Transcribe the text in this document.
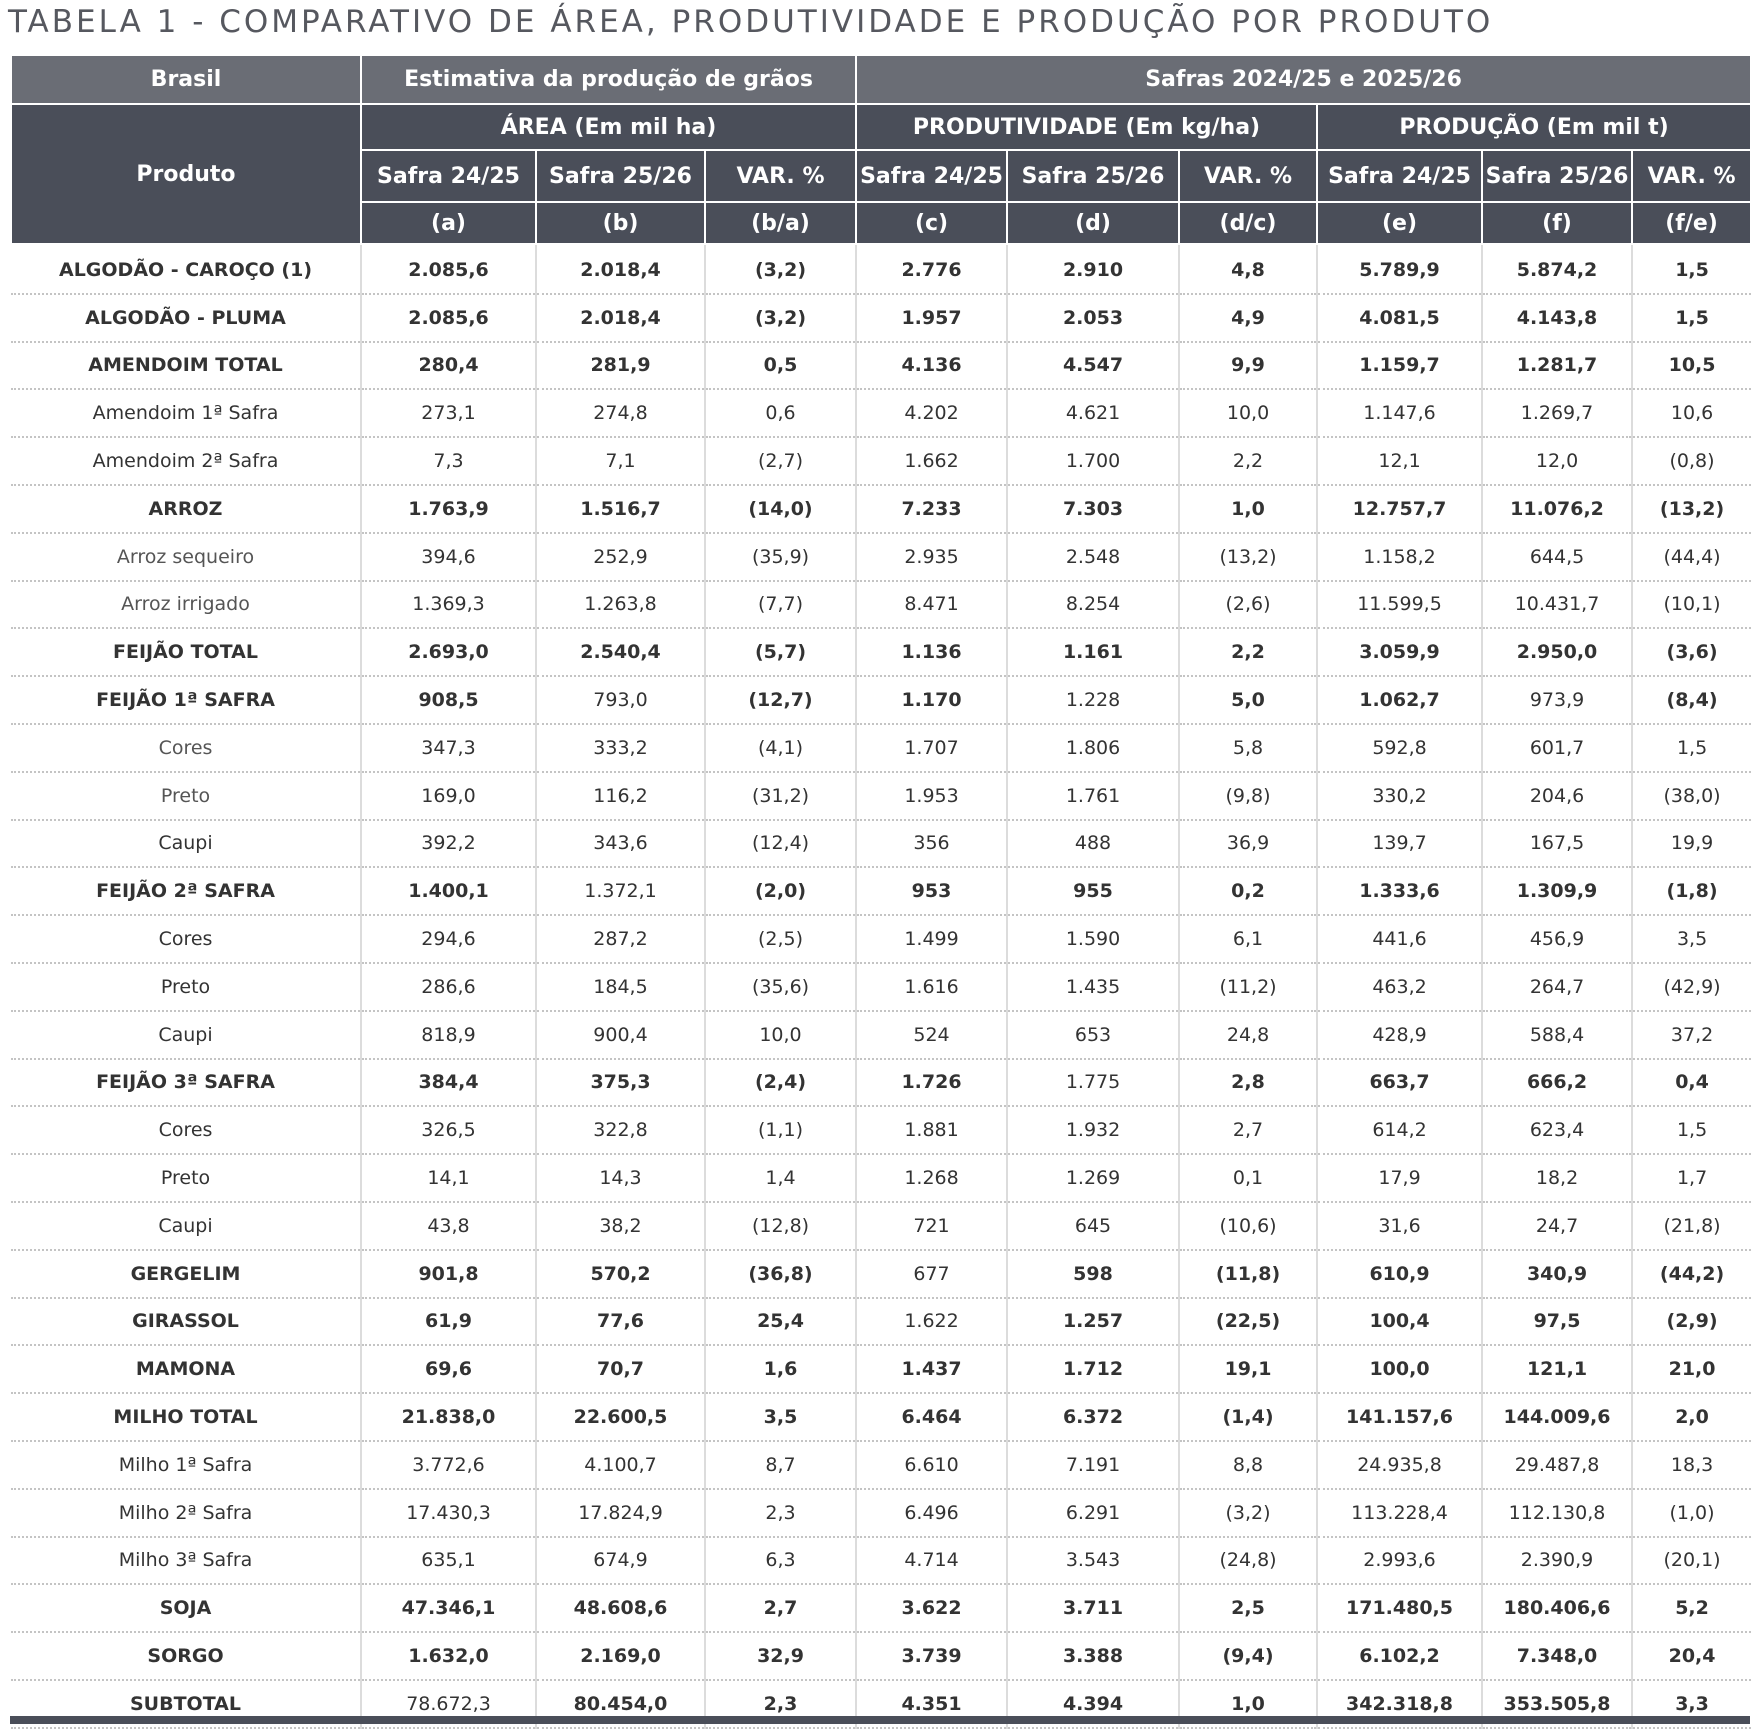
TABELA 1 - COMPARATIVO DE ÁREA, PRODUTIVIDADE E PRODUÇÃO POR PRODUTO
Brasil	Estimativa da produção de grãos			Safras 2024/25 e 2025/26					
Produto	ÁREA (Em mil ha)			PRODUTIVIDADE (Em kg/ha)			PRODUÇÃO (Em mil t)		
	Safra 24/25	Safra 25/26	VAR. %	Safra 24/25	Safra 25/26	VAR. %	Safra 24/25	Safra 25/26	VAR. %
	(a)	(b)	(b/a)	(c)	(d)	(d/c)	(e)	(f)	(f/e)
ALGODÃO - CAROÇO (1)	2.085,6	2.018,4	(3,2)	2.776	2.910	4,8	5.789,9	5.874,2	1,5
ALGODÃO - PLUMA	2.085,6	2.018,4	(3,2)	1.957	2.053	4,9	4.081,5	4.143,8	1,5
AMENDOIM TOTAL	280,4	281,9	0,5	4.136	4.547	9,9	1.159,7	1.281,7	10,5
Amendoim 1ª Safra	273,1	274,8	0,6	4.202	4.621	10,0	1.147,6	1.269,7	10,6
Amendoim 2ª Safra	7,3	7,1	(2,7)	1.662	1.700	2,2	12,1	12,0	(0,8)
ARROZ	1.763,9	1.516,7	(14,0)	7.233	7.303	1,0	12.757,7	11.076,2	(13,2)
Arroz sequeiro	394,6	252,9	(35,9)	2.935	2.548	(13,2)	1.158,2	644,5	(44,4)
Arroz irrigado	1.369,3	1.263,8	(7,7)	8.471	8.254	(2,6)	11.599,5	10.431,7	(10,1)
FEIJÃO TOTAL	2.693,0	2.540,4	(5,7)	1.136	1.161	2,2	3.059,9	2.950,0	(3,6)
FEIJÃO 1ª SAFRA	908,5	793,0	(12,7)	1.170	1.228	5,0	1.062,7	973,9	(8,4)
Cores	347,3	333,2	(4,1)	1.707	1.806	5,8	592,8	601,7	1,5
Preto	169,0	116,2	(31,2)	1.953	1.761	(9,8)	330,2	204,6	(38,0)
Caupi	392,2	343,6	(12,4)	356	488	36,9	139,7	167,5	19,9
FEIJÃO 2ª SAFRA	1.400,1	1.372,1	(2,0)	953	955	0,2	1.333,6	1.309,9	(1,8)
Cores	294,6	287,2	(2,5)	1.499	1.590	6,1	441,6	456,9	3,5
Preto	286,6	184,5	(35,6)	1.616	1.435	(11,2)	463,2	264,7	(42,9)
Caupi	818,9	900,4	10,0	524	653	24,8	428,9	588,4	37,2
FEIJÃO 3ª SAFRA	384,4	375,3	(2,4)	1.726	1.775	2,8	663,7	666,2	0,4
Cores	326,5	322,8	(1,1)	1.881	1.932	2,7	614,2	623,4	1,5
Preto	14,1	14,3	1,4	1.268	1.269	0,1	17,9	18,2	1,7
Caupi	43,8	38,2	(12,8)	721	645	(10,6)	31,6	24,7	(21,8)
GERGELIM	901,8	570,2	(36,8)	677	598	(11,8)	610,9	340,9	(44,2)
GIRASSOL	61,9	77,6	25,4	1.622	1.257	(22,5)	100,4	97,5	(2,9)
MAMONA	69,6	70,7	1,6	1.437	1.712	19,1	100,0	121,1	21,0
MILHO TOTAL	21.838,0	22.600,5	3,5	6.464	6.372	(1,4)	141.157,6	144.009,6	2,0
Milho 1ª Safra	3.772,6	4.100,7	8,7	6.610	7.191	8,8	24.935,8	29.487,8	18,3
Milho 2ª Safra	17.430,3	17.824,9	2,3	6.496	6.291	(3,2)	113.228,4	112.130,8	(1,0)
Milho 3ª Safra	635,1	674,9	6,3	4.714	3.543	(24,8)	2.993,6	2.390,9	(20,1)
SOJA	47.346,1	48.608,6	2,7	3.622	3.711	2,5	171.480,5	180.406,6	5,2
SORGO	1.632,0	2.169,0	32,9	3.739	3.388	(9,4)	6.102,2	7.348,0	20,4
SUBTOTAL	78.672,3	80.454,0	2,3	4.351	4.394	1,0	342.318,8	353.505,8	3,3
